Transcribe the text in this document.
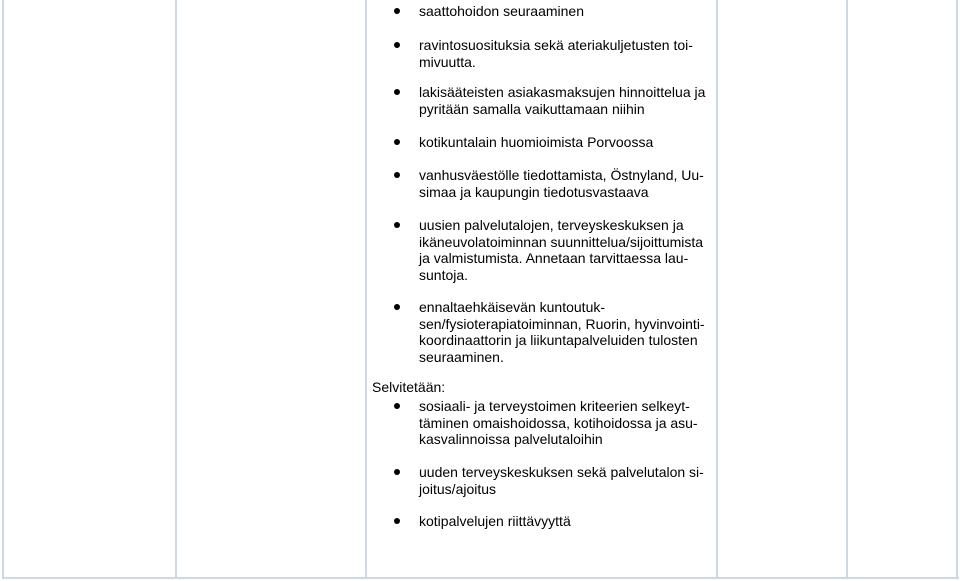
saattohoidon seuraaminen
ravintosuosituksia sekä ateriakuljetusten toi-
mivuutta.
lakisääteisten asiakasmaksujen hinnoittelua ja
pyritään samalla vaikuttamaan niihin
kotikuntalain huomioimista Porvoossa
vanhusväestölle tiedottamista, Östnyland, Uu-
simaa ja kaupungin tiedotusvastaava
uusien palvelutalojen, terveyskeskuksen ja
ikäneuvolatoiminnan suunnittelua/sijoittumista
ja valmistumista. Annetaan tarvittaessa lau-
suntoja.
ennaltaehkäisevän kuntoutuk-
sen/fysioterapiatoiminnan, Ruorin, hyvinvointi-
koordinaattorin ja liikuntapalveluiden tulosten
seuraaminen.
Selvitetään:
sosiaali- ja terveystoimen kriteerien selkeyt-
täminen omaishoidossa, kotihoidossa ja asu-
kasvalinnoissa palvelutaloihin
uuden terveyskeskuksen sekä palvelutalon si-
joitus/ajoitus
kotipalvelujen riittävyyttä
